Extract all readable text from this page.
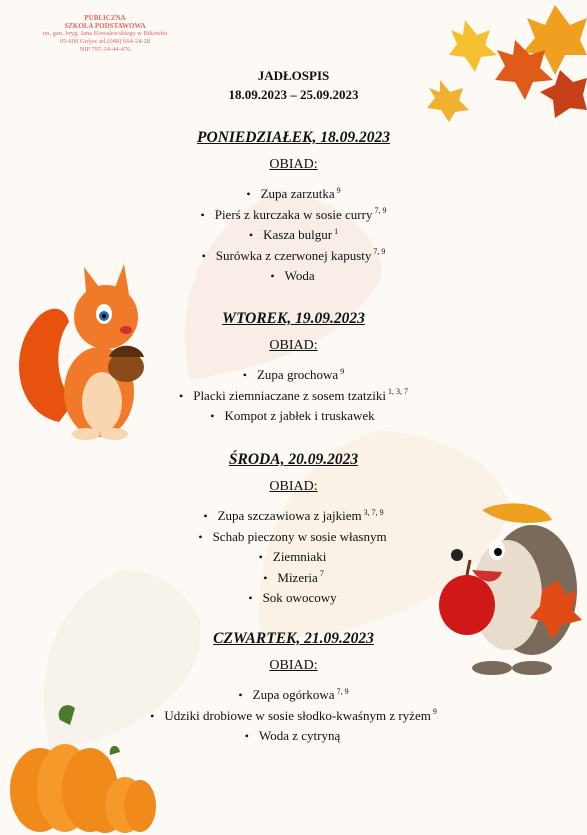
PUBLICZNA
SZKOŁA PODSTAWOWA
im. gen. bryg. Jana Kowalewskiego w Bikówku
05-600 Grójec tel.(048) 664-24-28
NIP 797-14-44-476
JADŁOSPIS
18.09.2023 – 25.09.2023
PONIEDZIAŁEK, 18.09.2023
OBIAD:
• Zupa zarzutka $^9$
• Pierś z kurczaka w sosie curry $^{7, 9}$
• Kasza bulgur $^1$
• Surówka z czerwonej kapusty $^{7, 9}$
• Woda
WTOREK, 19.09.2023
OBIAD:
• Zupa grochowa $^9$
• Placki ziemniaczane z sosem tzatziki $^{1, 3, 7}$
• Kompot z jabłek i truskawek
ŚRODA, 20.09.2023
OBIAD:
• Zupa szczawiowa z jajkiem $^{3, 7, 9}$
• Schab pieczony w sosie własnym
• Ziemniaki
• Mizeria $^7$
• Sok owocowy
CZWARTEK, 21.09.2023
OBIAD:
• Zupa ogórkowa $^{7, 9}$
• Udziki drobiowe w sosie słodko-kwaśnym z ryżem $^9$
• Woda z cytryną
